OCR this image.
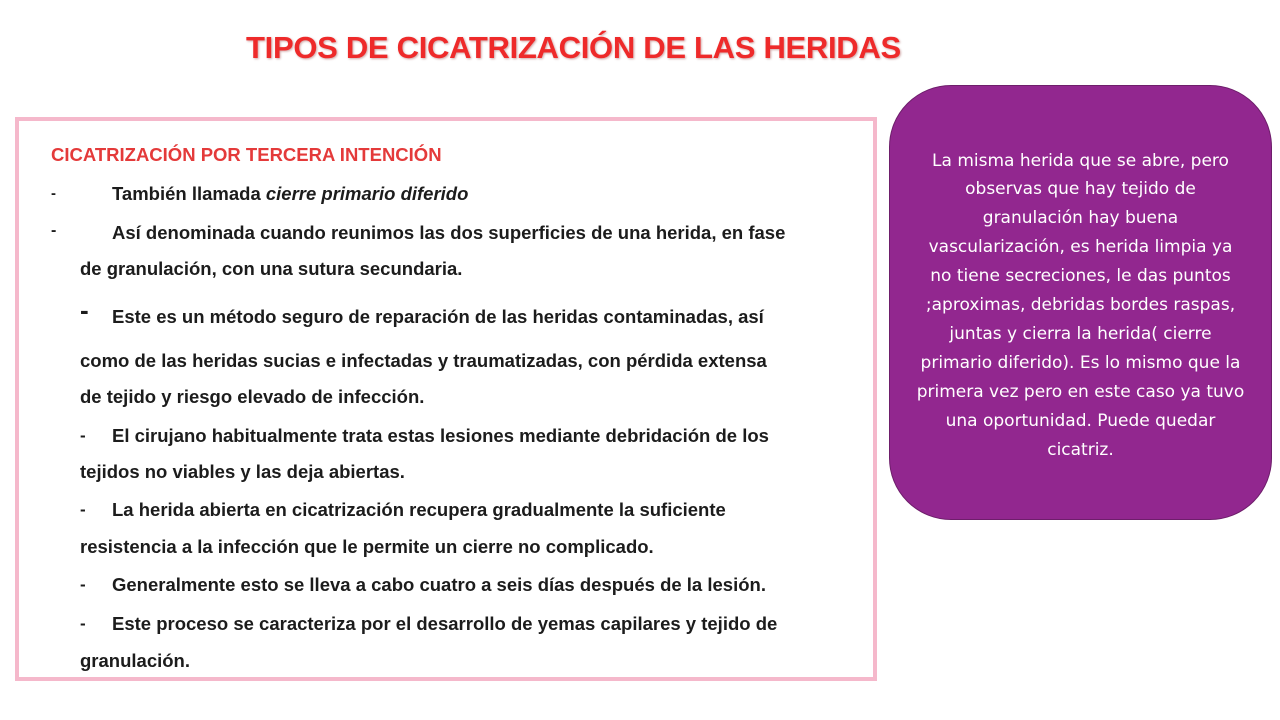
TIPOS DE CICATRIZACIÓN DE LAS HERIDAS
CICATRIZACIÓN POR TERCERA INTENCIÓN
-	También llamada cierre primario diferido
-	Así denominada cuando reunimos las dos superficies de una herida, en fase
de granulación, con una sutura secundaria.
- Este es un método seguro de reparación de las heridas contaminadas, así
como de las heridas sucias e infectadas y traumatizadas, con pérdida extensa
de tejido y riesgo elevado de infección.
- El cirujano habitualmente trata estas lesiones mediante debridación de los
tejidos no viables y las deja abiertas.
- La herida abierta en cicatrización recupera gradualmente la suficiente
resistencia a la infección que le permite un cierre no complicado.
- Generalmente esto se lleva a cabo cuatro a seis días después de la lesión.
- Este proceso se caracteriza por el desarrollo de yemas capilares y tejido de
granulación.
La misma herida que se abre, pero observas que hay tejido de granulación hay buena vascularización, es herida limpia ya no tiene secreciones, le das puntos ;aproximas, debridas bordes raspas, juntas y cierra la herida( cierre primario diferido). Es lo mismo que la primera vez pero en este caso ya tuvo una oportunidad. Puede quedar cicatriz.
